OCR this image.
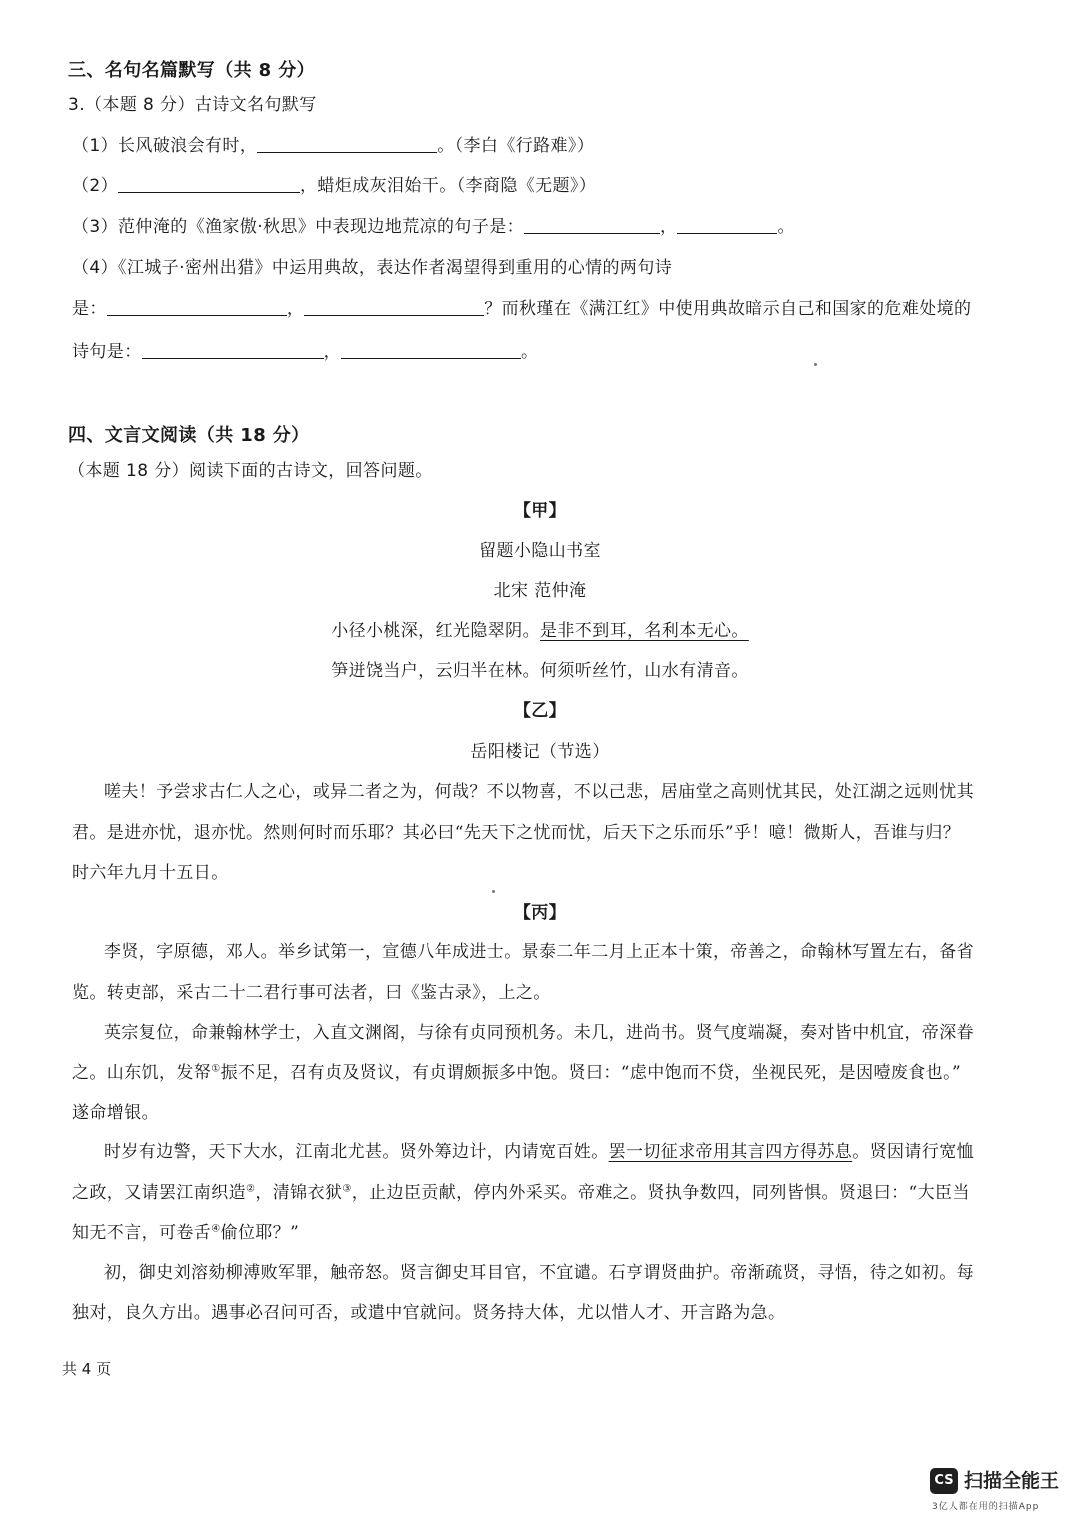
三、名句名篇默写（共 8 分）
3.（本题 8 分）古诗文名句默写
（1）长风破浪会有时，	。（李白《行路难》）
（2）	，蜡炬成灰泪始干。（李商隐《无题》）
（3）范仲淹的《渔家傲·秋思》中表现边地荒凉的句子是：	，	。
（4）《江城子·密州出猎》中运用典故，表达作者渴望得到重用的心情的两句诗
是：	，	？而秋瑾在《满江红》中使用典故暗示自己和国家的危难处境的
诗句是：	，	。
四、文言文阅读（共 18 分）
（本题 18 分）阅读下面的古诗文，回答问题。
【甲】
留题小隐山书室
北宋 范仲淹
小径小桃深，红光隐翠阴。是非不到耳，名利本无心。
笋迸饶当户，云归半在林。何须听丝竹，山水有清音。
【乙】
岳阳楼记（节选）
嗟夫！予尝求古仁人之心，或异二者之为，何哉？不以物喜，不以己悲，居庙堂之高则忧其民，处江湖之远则忧其
君。是进亦忧，退亦忧。然则何时而乐耶？其必曰“先天下之忧而忧，后天下之乐而乐”乎！噫！微斯人，吾谁与归？
时六年九月十五日。
【丙】
李贤，字原德，邓人。举乡试第一，宣德八年成进士。景泰二年二月上正本十策，帝善之，命翰林写置左右，备省
览。转吏部，采古二十二君行事可法者，曰《鉴古录》，上之。
英宗复位，命兼翰林学士，入直文渊阁，与徐有贞同预机务。未几，进尚书。贤气度端凝，奏对皆中机宜，帝深眷
之。山东饥，发帑①振不足，召有贞及贤议，有贞谓颇振多中饱。贤曰：“虑中饱而不贷，坐视民死，是因噎废食也。”
遂命增银。
时岁有边警，天下大水，江南北尤甚。贤外筹边计，内请宽百姓。罢一切征求帝用其言四方得苏息。贤因请行宽恤
之政，又请罢江南织造②，清锦衣狱③，止边臣贡献，停内外采买。帝难之。贤执争数四，同列皆惧。贤退曰：“大臣当
知无不言，可卷舌④偷位耶？”
初，御史刘溶劾柳溥败军罪，触帝怒。贤言御史耳目官，不宜谴。石亨谓贤曲护。帝渐疏贤，寻悟，待之如初。每
独对，良久方出。遇事必召问可否，或遣中官就问。贤务持大体，尤以惜人才、开言路为急。
共 4 页
CS 扫描全能王
3亿人都在用的扫描App
